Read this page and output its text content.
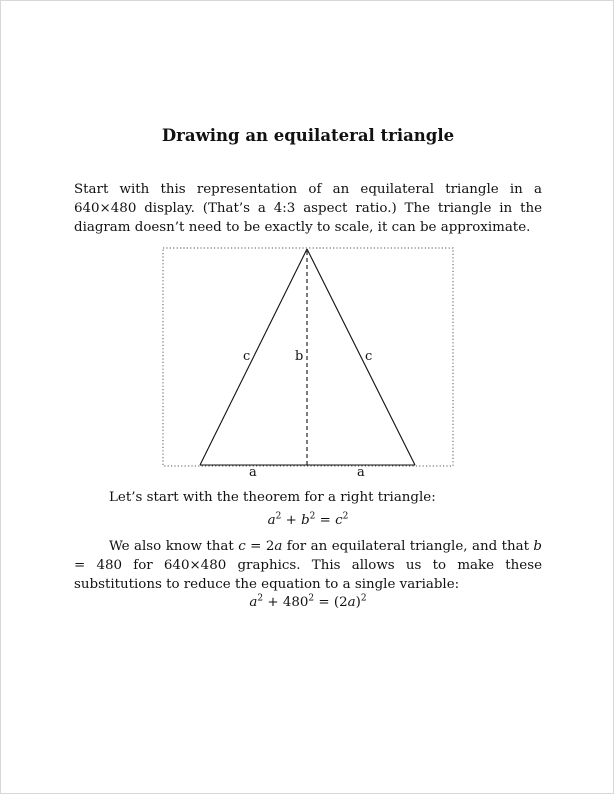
Drawing an equilateral triangle
Start with this representation of an equilateral triangle in a 640×480 display. (That’s a 4:3 aspect ratio.) The triangle in the diagram doesn’t need to be exactly to scale, it can be approximate.
c	b	c
a	a
Let’s start with the theorem for a right triangle:
$a^2 + b^2 = c^2$
We also know that c = 2a for an equilateral triangle, and that b = 480 for 640×480 graphics. This allows us to make these substitutions to reduce the equation to a single variable:
$a^2 + 480^2 = (2a)^2$
